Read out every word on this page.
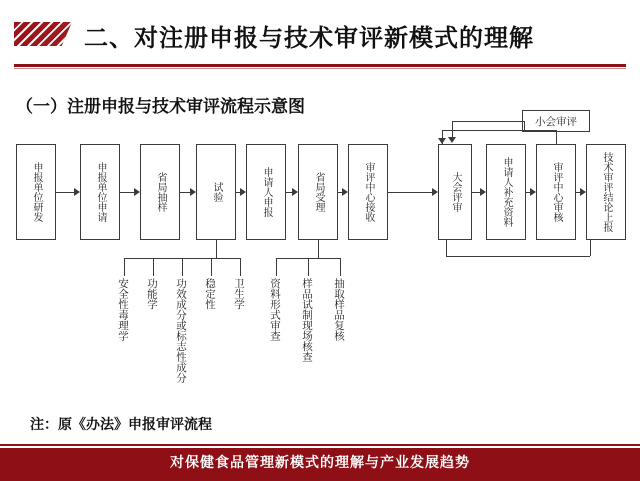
二、对注册申报与技术审评新模式的理解
（一）注册申报与技术审评流程示意图
申报单位研发	申报单位申请	省局抽样	试验	申请人申报	省局受理	审评中心接收	大会评审	申请人补充资料	审评中心审核	技术审评结论上报
小会审评
安全性毒理学 功能学 功效成分或标志性成分 稳定性 卫生学 资料形式审查 样品试制现场核查 抽取样品复核
注：原《办法》申报审评流程
对保健食品管理新模式的理解与产业发展趋势
